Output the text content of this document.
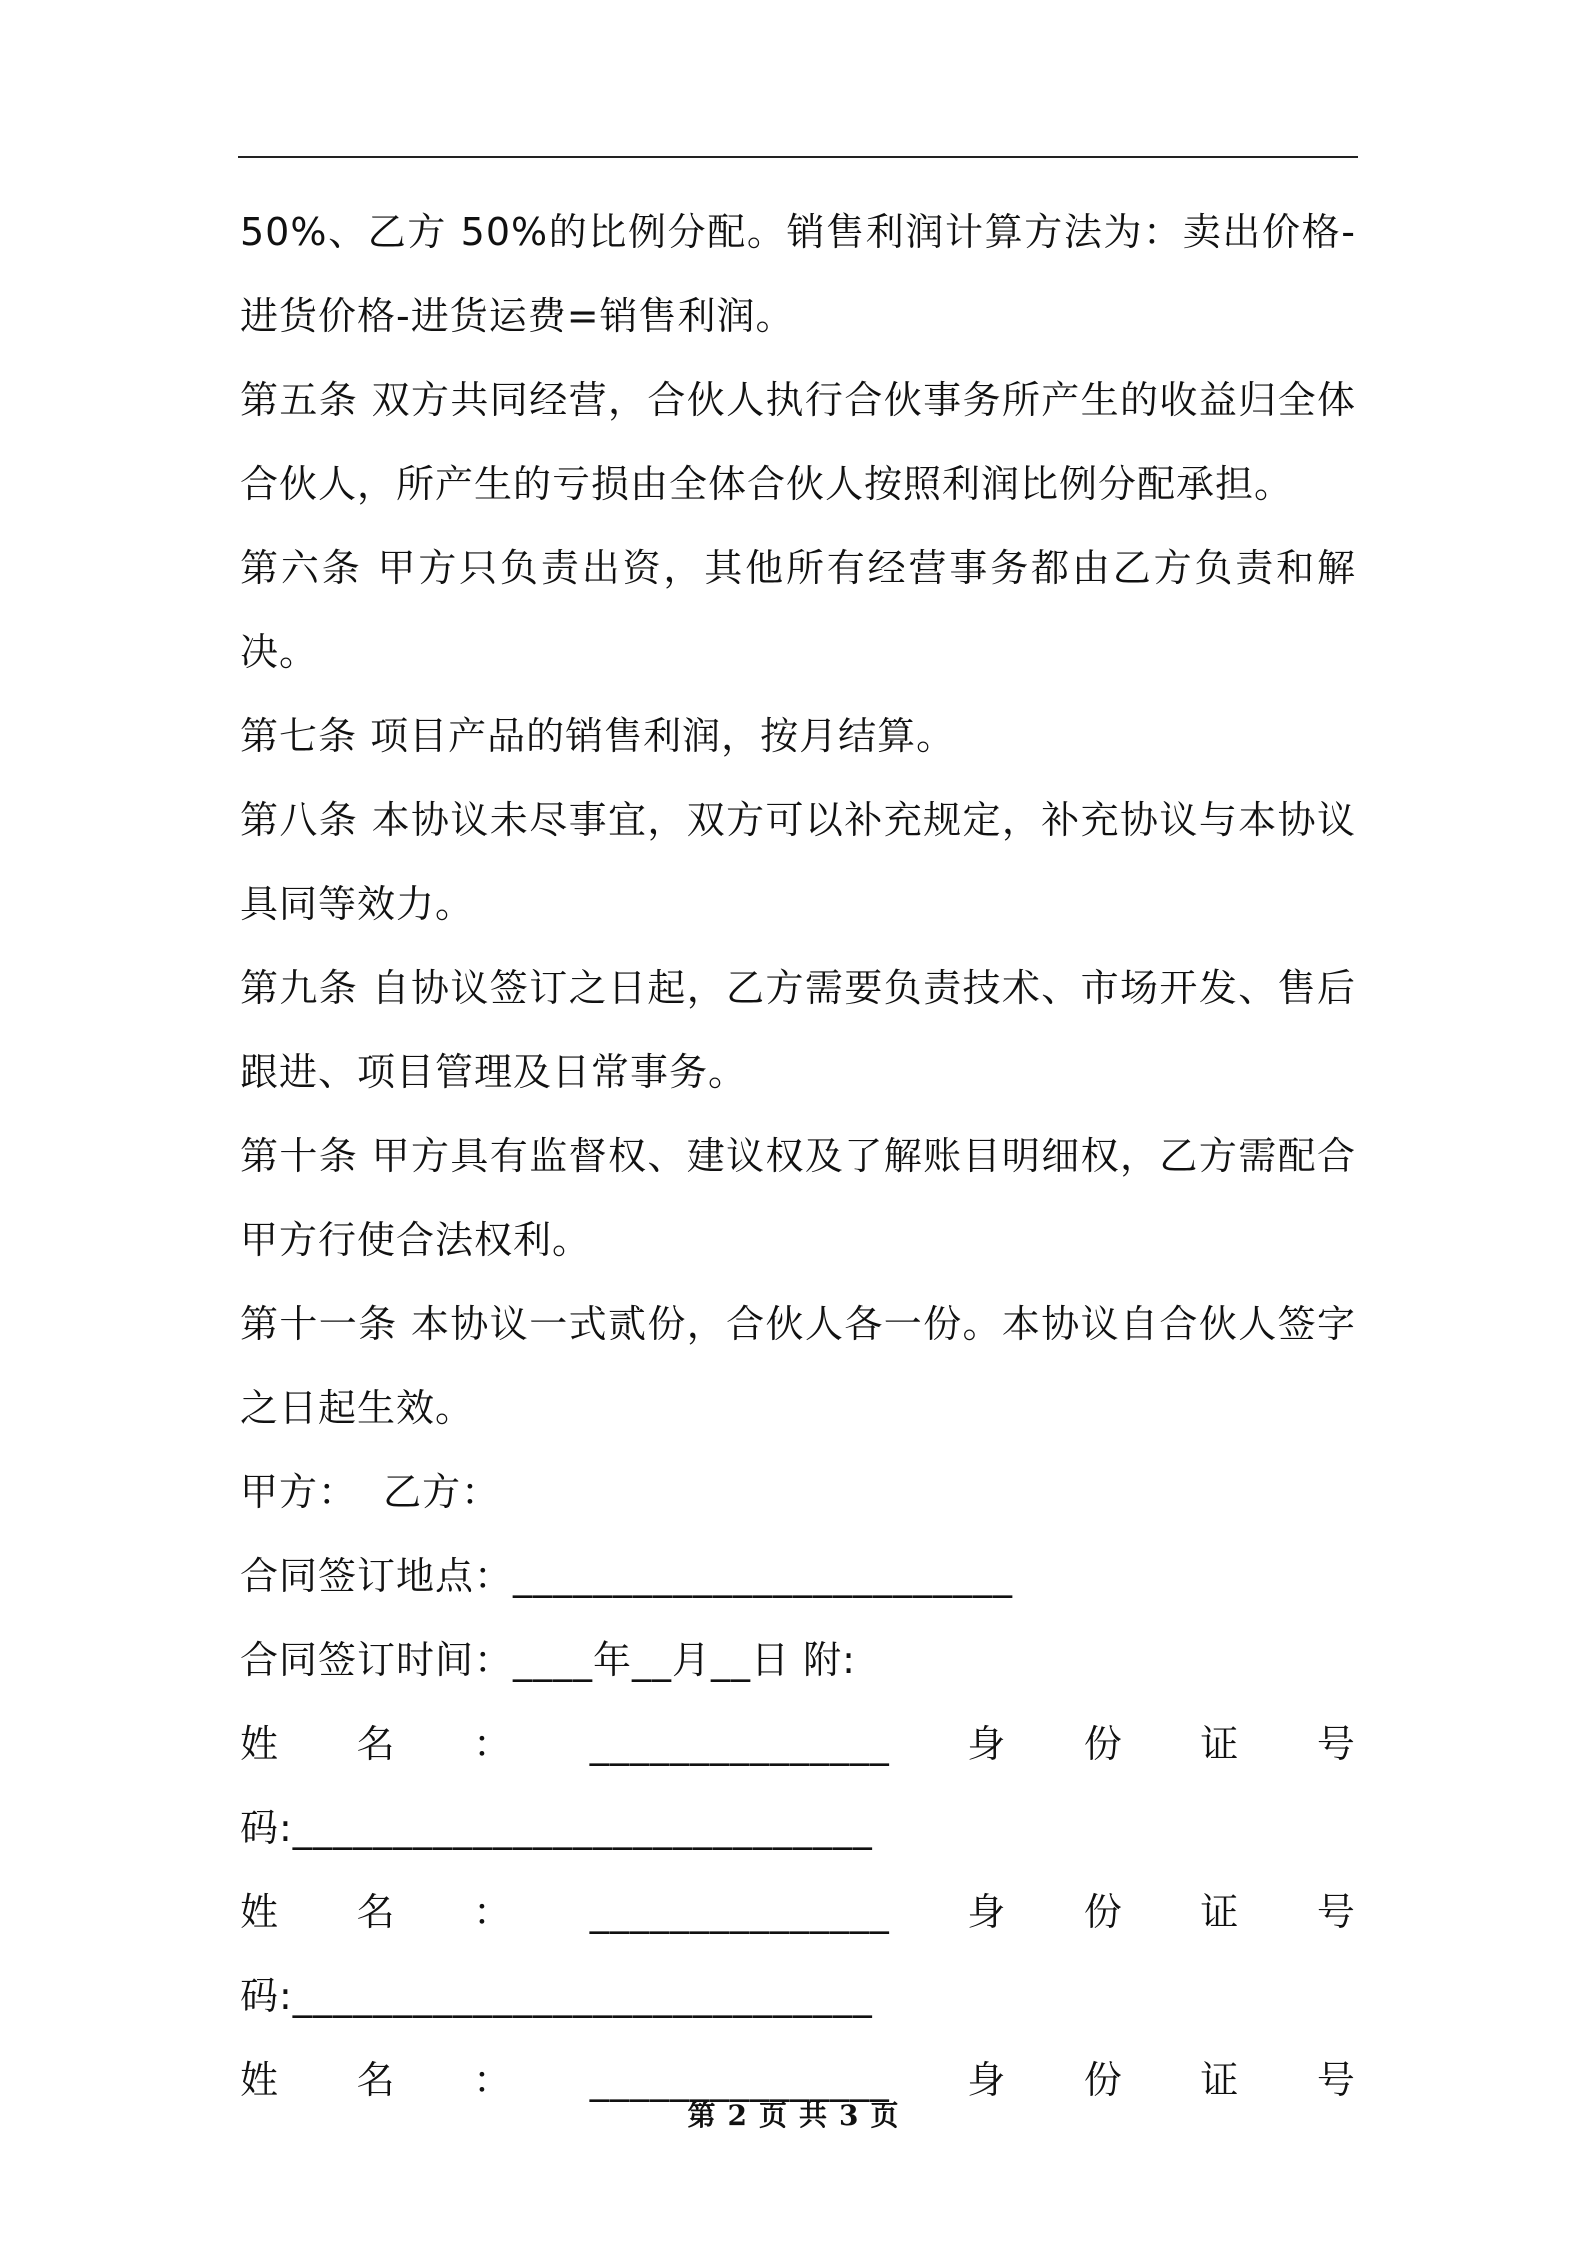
50%、乙方 50%的比例分配。销售利润计算方法为：卖出价格-进货价格-进货运费=销售利润。

第五条 双方共同经营，合伙人执行合伙事务所产生的收益归全体合伙人，所产生的亏损由全体合伙人按照利润比例分配承担。

第六条 甲方只负责出资，其他所有经营事务都由乙方负责和解决。

第七条 项目产品的销售利润，按月结算。

第八条 本协议未尽事宜，双方可以补充规定，补充协议与本协议具同等效力。

第九条 自协议签订之日起，乙方需要负责技术、市场开发、售后跟进、项目管理及日常事务。

第十条 甲方具有监督权、建议权及了解账目明细权，乙方需配合甲方行使合法权利。

第十一条 本协议一式贰份，合伙人各一份。本协议自合伙人签字之日起生效。

甲方：  乙方：

合同签订地点：_________________________

合同签订时间：____年__月__日 附:

姓 名 ： _______________ 身 份 证 号

码:_____________________________

姓 名 ： _______________ 身 份 证 号

码:_____________________________

姓 名 ： _______________ 身 份 证 号
第 2 页 共 3 页
